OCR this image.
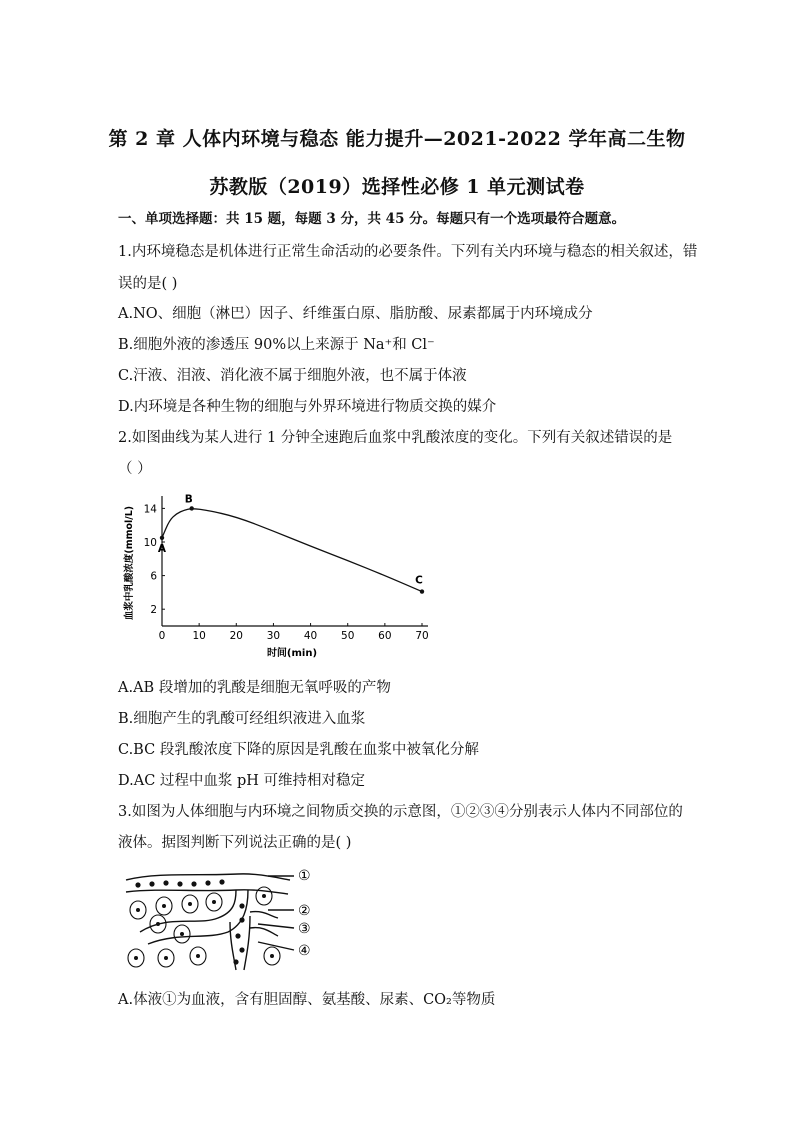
第 2 章 人体内环境与稳态 能力提升—2021-2022 学年高二生物
苏教版（2019）选择性必修 1 单元测试卷
一、单项选择题：共 15 题，每题 3 分，共 45 分。每题只有一个选项最符合题意。
1.内环境稳态是机体进行正常生命活动的必要条件。下列有关内环境与稳态的相关叙述，错
误的是( )
A.NO、细胞（淋巴）因子、纤维蛋白原、脂肪酸、尿素都属于内环境成分
B.细胞外液的渗透压 90%以上来源于 Na⁺和 Cl⁻
C.汗液、泪液、消化液不属于细胞外液，也不属于体液
D.内环境是各种生物的细胞与外界环境进行物质交换的媒介
2.如图曲线为某人进行 1 分钟全速跑后血浆中乳酸浓度的变化。下列有关叙述错误的是
（ ）
0	10 20 30 40 50 60 70
2
6
10
14
A
B
C
时间(min)
血浆中乳酸浓度(mmol/L)
A.AB 段增加的乳酸是细胞无氧呼吸的产物
B.细胞产生的乳酸可经组织液进入血浆
C.BC 段乳酸浓度下降的原因是乳酸在血浆中被氧化分解
D.AC 过程中血浆 pH 可维持相对稳定
3.如图为人体细胞与内环境之间物质交换的示意图，①②③④分别表示人体内不同部位的
液体。据图判断下列说法正确的是( )
①
②
③
④
A.体液①为血液，含有胆固醇、氨基酸、尿素、CO₂等物质
